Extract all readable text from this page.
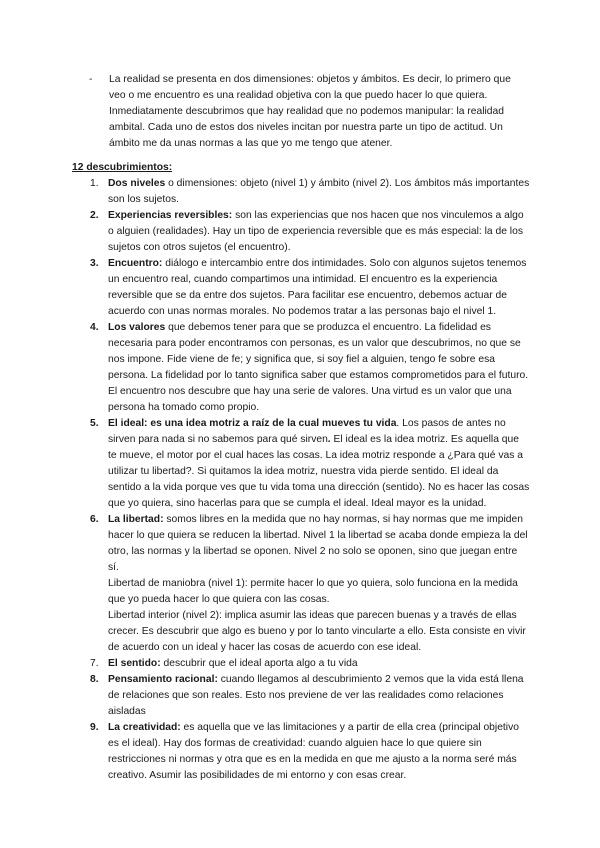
- La realidad se presenta en dos dimensiones: objetos y ámbitos. Es decir, lo primero que veo o me encuentro es una realidad objetiva con la que puedo hacer lo que quiera. Inmediatamente descubrimos que hay realidad que no podemos manipular: la realidad ambital. Cada uno de estos dos niveles incitan por nuestra parte un tipo de actitud. Un ámbito me da unas normas a las que yo me tengo que atener.
12 descubrimientos:
1. Dos niveles o dimensiones: objeto (nivel 1) y ámbito (nivel 2). Los ámbitos más importantes son los sujetos.
2. Experiencias reversibles: son las experiencias que nos hacen que nos vinculemos a algo o alguien (realidades). Hay un tipo de experiencia reversible que es más especial: la de los sujetos con otros sujetos (el encuentro).
3. Encuentro: diálogo e intercambio entre dos intimidades. Solo con algunos sujetos tenemos un encuentro real, cuando compartimos una intimidad. El encuentro es la experiencia reversible que se da entre dos sujetos. Para facilitar ese encuentro, debemos actuar de acuerdo con unas normas morales. No podemos tratar a las personas bajo el nivel 1.
4. Los valores que debemos tener para que se produzca el encuentro. La fidelidad es necesaria para poder encontramos con personas, es un valor que descubrimos, no que se nos impone. Fide viene de fe; y significa que, si soy fiel a alguien, tengo fe sobre esa persona. La fidelidad por lo tanto significa saber que estamos comprometidos para el futuro. El encuentro nos descubre que hay una serie de valores. Una virtud es un valor que una persona ha tomado como propio.
5. El ideal: es una idea motriz a raíz de la cual mueves tu vida. Los pasos de antes no sirven para nada si no sabemos para qué sirven. El ideal es la idea motriz. Es aquella que te mueve, el motor por el cual haces las cosas. La idea motriz responde a ¿Para qué vas a utilizar tu libertad?. Si quitamos la idea motriz, nuestra vida pierde sentido. El ideal da sentido a la vida porque ves que tu vida toma una dirección (sentido). No es hacer las cosas que yo quiera, sino hacerlas para que se cumpla el ideal. Ideal mayor es la unidad.
6. La libertad: somos libres en la medida que no hay normas, si hay normas que me impiden hacer lo que quiera se reducen la libertad. Nivel 1 la libertad se acaba donde empieza la del otro, las normas y la libertad se oponen. Nivel 2 no solo se oponen, sino que juegan entre sí.
Libertad de maniobra (nivel 1): permite hacer lo que yo quiera, solo funciona en la medida que yo pueda hacer lo que quiera con las cosas.
Libertad interior (nivel 2): implica asumir las ideas que parecen buenas y a través de ellas crecer. Es descubrir que algo es bueno y por lo tanto vincularte a ello. Esta consiste en vivir de acuerdo con un ideal y hacer las cosas de acuerdo con ese ideal.
7. El sentido: descubrir que el ideal aporta algo a tu vida
8. Pensamiento racional: cuando llegamos al descubrimiento 2 vemos que la vida está llena de relaciones que son reales. Esto nos previene de ver las realidades como relaciones aisladas
9. La creatividad: es aquella que ve las limitaciones y a partir de ella crea (principal objetivo es el ideal). Hay dos formas de creatividad: cuando alguien hace lo que quiere sin restricciones ni normas y otra que es en la medida en que me ajusto a la norma seré más creativo. Asumir las posibilidades de mi entorno y con esas crear.
